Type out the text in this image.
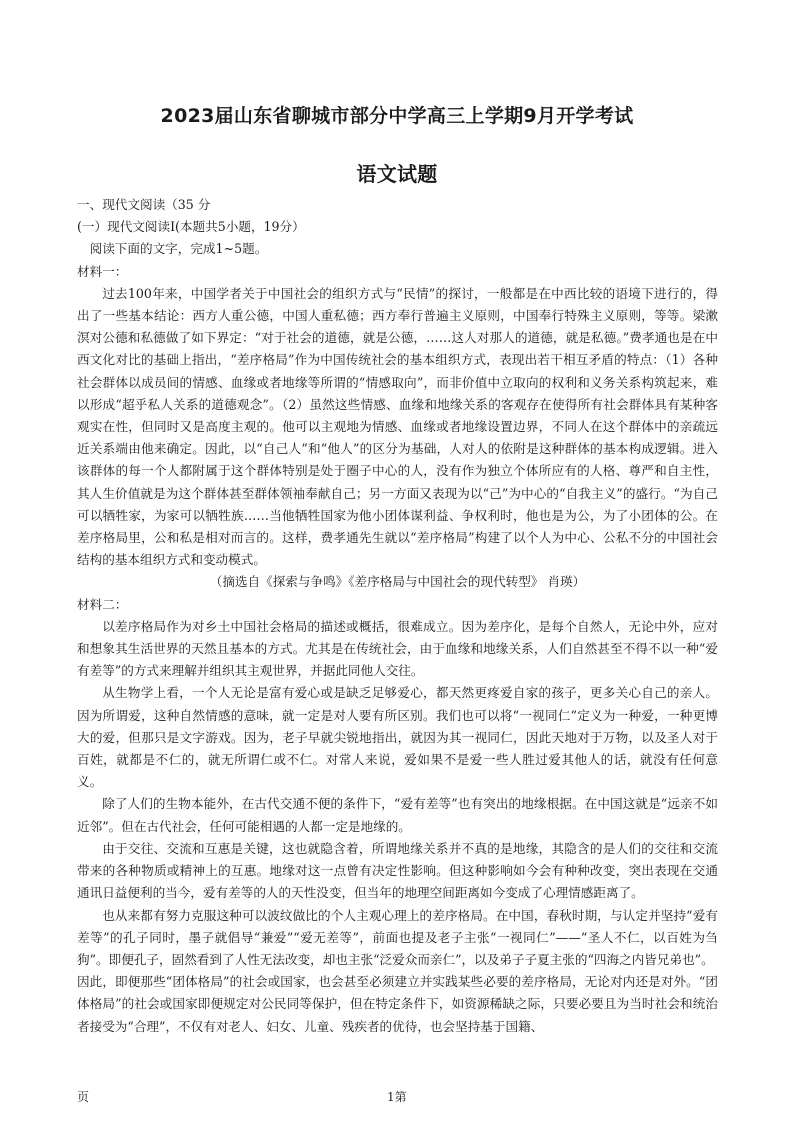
2023届山东省聊城市部分中学高三上学期9月开学考试
语文试题

一、现代文阅读（35 分

(一）现代文阅读Ⅰ(本题共5小题，19分）

阅读下面的文字，完成1~5题。

材料一：

过去100年来，中国学者关于中国社会的组织方式与“民情”的探讨，一般都是在中西比较的语境下进行的，得出了一些基本结论：西方人重公德，中国人重私德；西方奉行普遍主义原则，中国奉行特殊主义原则，等等。梁漱溟对公德和私德做了如下界定：“对于社会的道德，就是公德，……这人对那人的道德，就是私德。”费孝通也是在中西文化对比的基础上指出，“差序格局”作为中国传统社会的基本组织方式，表现出若干相互矛盾的特点：（1）各种社会群体以成员间的情感、血缘或者地缘等所谓的“情感取向”，而非价值中立取向的权利和义务关系构筑起来，难以形成“超乎私人关系的道德观念”。（2）虽然这些情感、血缘和地缘关系的客观存在使得所有社会群体具有某种客观实在性，但同时又是高度主观的。他可以主观地为情感、血缘或者地缘设置边界，不同人在这个群体中的亲疏远近关系端由他来确定。因此，以“自己人”和“他人”的区分为基础，人对人的依附是这种群体的基本构成逻辑。进入该群体的每一个人都附属于这个群体特别是处于圈子中心的人，没有作为独立个体所应有的人格、尊严和自主性，其人生价值就是为这个群体甚至群体领袖奉献自己；另一方面又表现为以“己”为中心的“自我主义”的盛行。“为自己可以牺牲家，为家可以牺牲族……当他牺牲国家为他小团体谋利益、争权利时，他也是为公，为了小团体的公。在差序格局里，公和私是相对而言的。这样，费孝通先生就以“差序格局”构建了以个人为中心、公私不分的中国社会结构的基本组织方式和变动模式。

（摘选自《探索与争鸣》《差序格局与中国社会的现代转型》 肖瑛）

材料二：

以差序格局作为对乡土中国社会格局的描述或概括，很难成立。因为差序化，是每个自然人，无论中外，应对和想象其生活世界的天然且基本的方式。尤其是在传统社会，由于血缘和地缘关系，人们自然甚至不得不以一种“爱有差等”的方式来理解并组织其主观世界，并据此同他人交往。

从生物学上看，一个人无论是富有爱心或是缺乏足够爱心，都天然更疼爱自家的孩子，更多关心自己的亲人。因为所谓爱，这种自然情感的意味，就一定是对人要有所区别。我们也可以将“一视同仁”定义为一种爱，一种更博大的爱，但那只是文字游戏。因为，老子早就尖锐地指出，就因为其一视同仁，因此天地对于万物，以及圣人对于百姓，就都是不仁的，就无所谓仁或不仁。对常人来说，爱如果不是爱一些人胜过爱其他人的话，就没有任何意义。

除了人们的生物本能外，在古代交通不便的条件下，“爱有差等”也有突出的地缘根据。在中国这就是“远亲不如近邻”。但在古代社会，任何可能相遇的人都一定是地缘的。

由于交往、交流和互惠是关键，这也就隐含着，所谓地缘关系并不真的是地缘，其隐含的是人们的交往和交流带来的各种物质或精神上的互惠。地缘对这一点曾有决定性影响。但这种影响如今会有种种改变，突出表现在交通通讯日益便利的当今，爱有差等的人的天性没变，但当年的地理空间距离如今变成了心理情感距离了。

也从来都有努力克服这种可以波纹做比的个人主观心理上的差序格局。在中国，春秋时期，与认定并坚持“爱有差等”的孔子同时，墨子就倡导“兼爱”“爱无差等”，前面也提及老子主张“一视同仁”——“圣人不仁，以百姓为刍狗”。即便孔子，固然看到了人性无法改变，却也主张“泛爱众而亲仁”，以及弟子子夏主张的“四海之内皆兄弟也”。

因此，即便那些“团体格局”的社会或国家，也会甚至必须建立并实践某些必要的差序格局，无论对内还是对外。“团体格局”的社会或国家即便规定对公民同等保护，但在特定条件下，如资源稀缺之际，只要必要且为当时社会和统治者接受为“合理”，不仅有对老人、妇女、儿童、残疾者的优待，也会坚持基于国籍、

页	1第
